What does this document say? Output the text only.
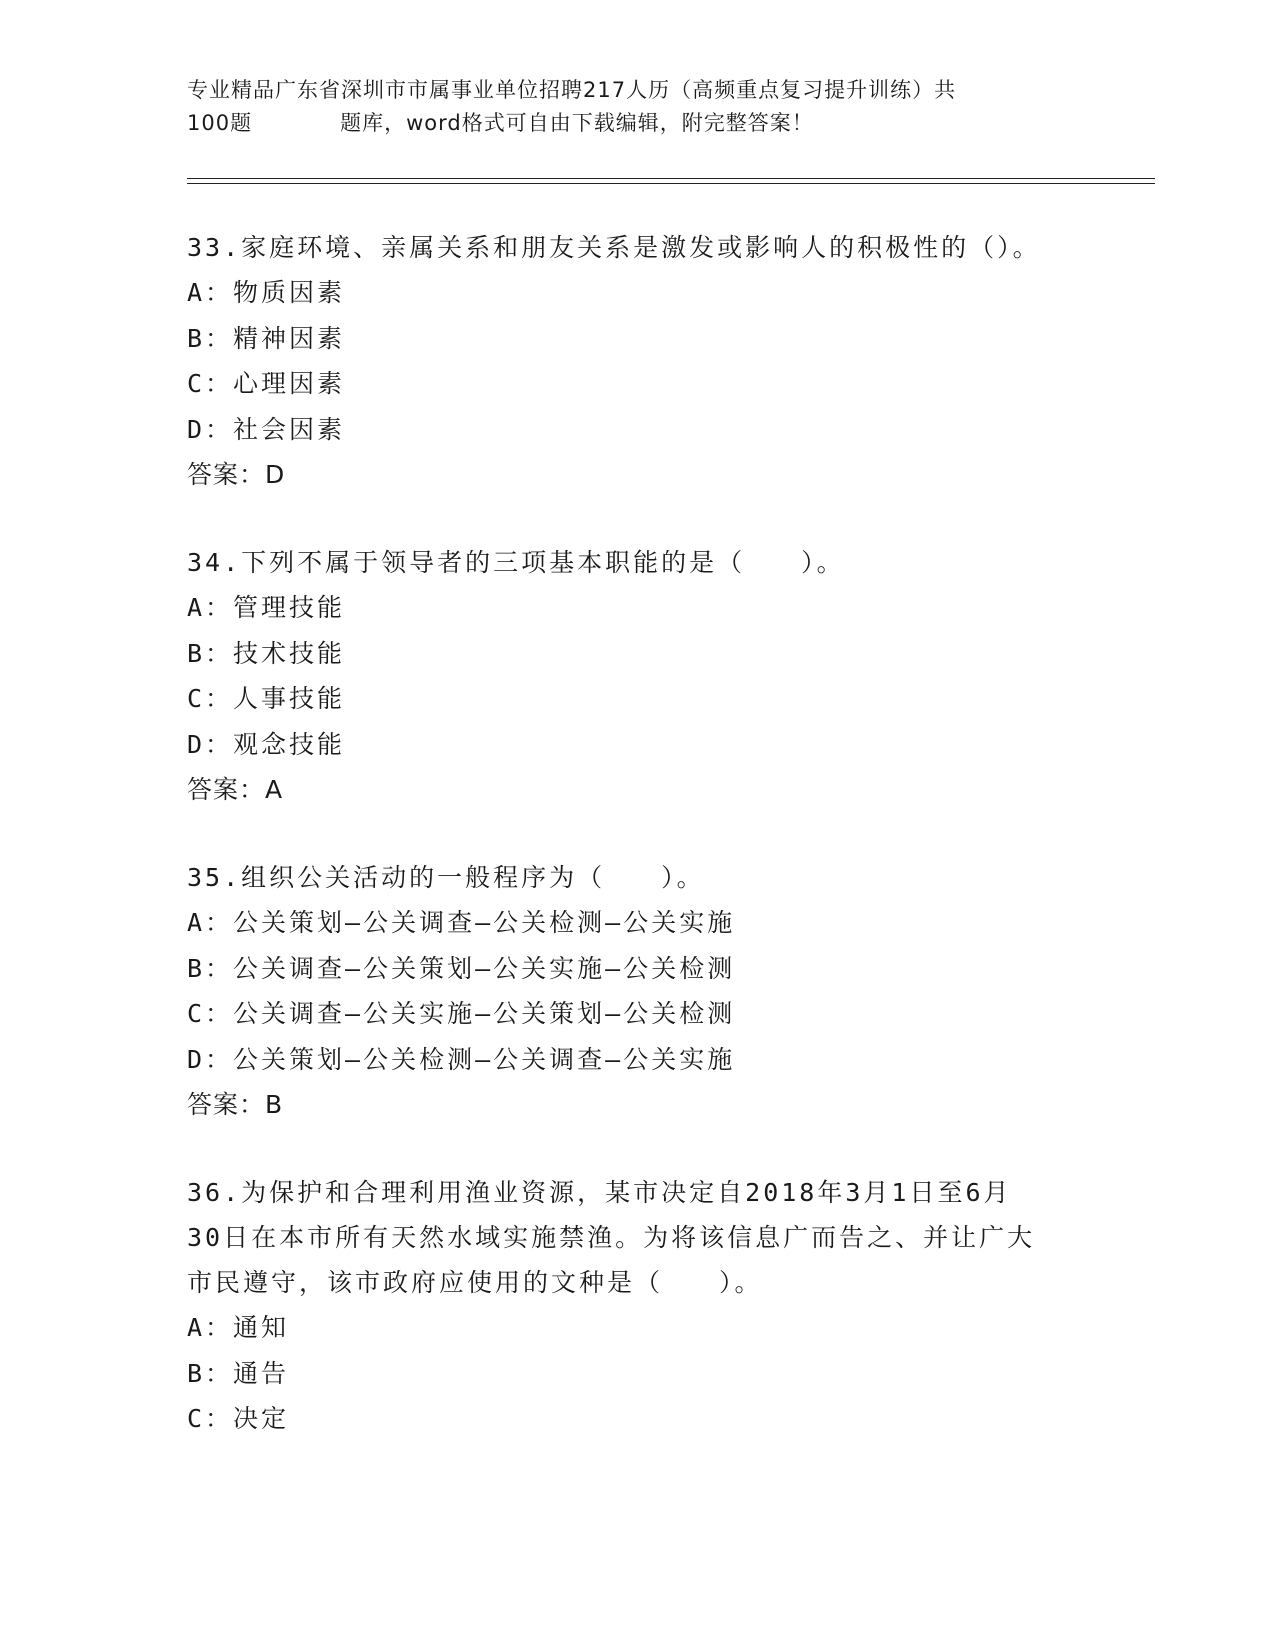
专业精品广东省深圳市市属事业单位招聘217人历（高频重点复习提升训练）共
100题	题库，word格式可自由下载编辑，附完整答案！
33.家庭环境、亲属关系和朋友关系是激发或影响人的积极性的（）。
A：物质因素
B：精神因素
C：心理因素
D：社会因素
答案：D
34.下列不属于领导者的三项基本职能的是（　　）。
A：管理技能
B：技术技能
C：人事技能
D：观念技能
答案：A
35.组织公关活动的一般程序为（　　）。
A：公关策划—公关调查—公关检测—公关实施
B：公关调查—公关策划—公关实施—公关检测
C：公关调查—公关实施—公关策划—公关检测
D：公关策划—公关检测—公关调查—公关实施
答案：B
36.为保护和合理利用渔业资源，某市决定自2018年3月1日至6月
30日在本市所有天然水域实施禁渔。为将该信息广而告之、并让广大
市民遵守，该市政府应使用的文种是（　　）。
A：通知
B：通告
C：决定
